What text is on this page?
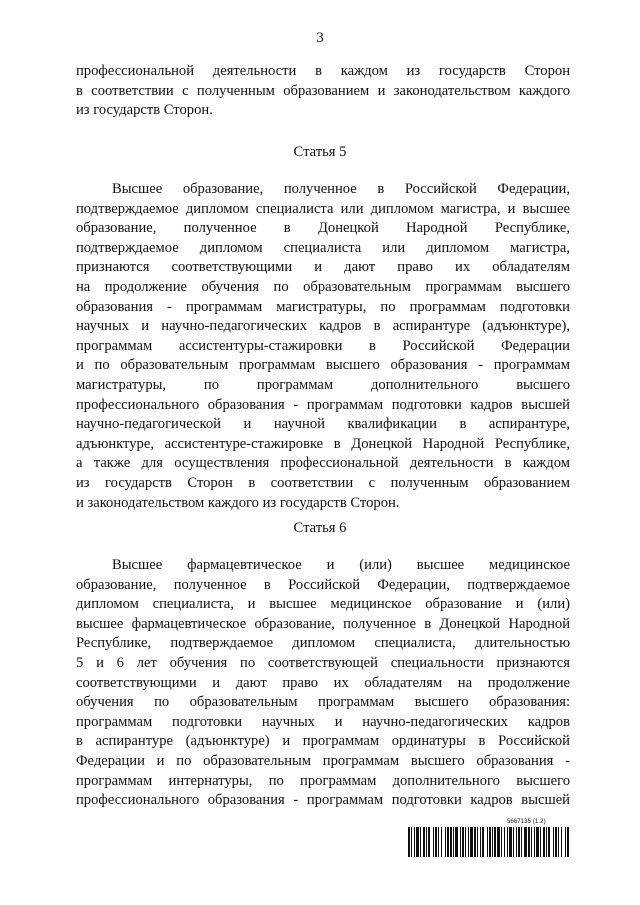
3
профессиональной деятельности в каждом из государств Сторон
в соответствии с полученным образованием и законодательством каждого
из государств Сторон.
Статья 5
Высшее образование, полученное в Российской Федерации,
подтверждаемое дипломом специалиста или дипломом магистра, и высшее
образование, полученное в Донецкой Народной Республике,
подтверждаемое дипломом специалиста или дипломом магистра,
признаются соответствующими и дают право их обладателям
на продолжение обучения по образовательным программам высшего
образования - программам магистратуры, по программам подготовки
научных и научно-педагогических кадров в аспирантуре (адъюнктуре),
программам ассистентуры-стажировки в Российской Федерации
и по образовательным программам высшего образования - программам
магистратуры, по программам дополнительного высшего
профессионального образования - программам подготовки кадров высшей
научно-педагогической и научной квалификации в аспирантуре,
адъюнктуре, ассистентуре-стажировке в Донецкой Народной Республике,
а также для осуществления профессиональной деятельности в каждом
из государств Сторон в соответствии с полученным образованием
и законодательством каждого из государств Сторон.
Статья 6
Высшее фармацевтическое и (или) высшее медицинское
образование, полученное в Российской Федерации, подтверждаемое
дипломом специалиста, и высшее медицинское образование и (или)
высшее фармацевтическое образование, полученное в Донецкой Народной
Республике, подтверждаемое дипломом специалиста, длительностью
5 и 6 лет обучения по соответствующей специальности признаются
соответствующими и дают право их обладателям на продолжение
обучения по образовательным программам высшего образования:
программам подготовки научных и научно-педагогических кадров
в аспирантуре (адъюнктуре) и программам ординатуры в Российской
Федерации и по образовательным программам высшего образования -
программам интернатуры, по программам дополнительного высшего
профессионального образования - программам подготовки кадров высшей
5667135 (1.2)
